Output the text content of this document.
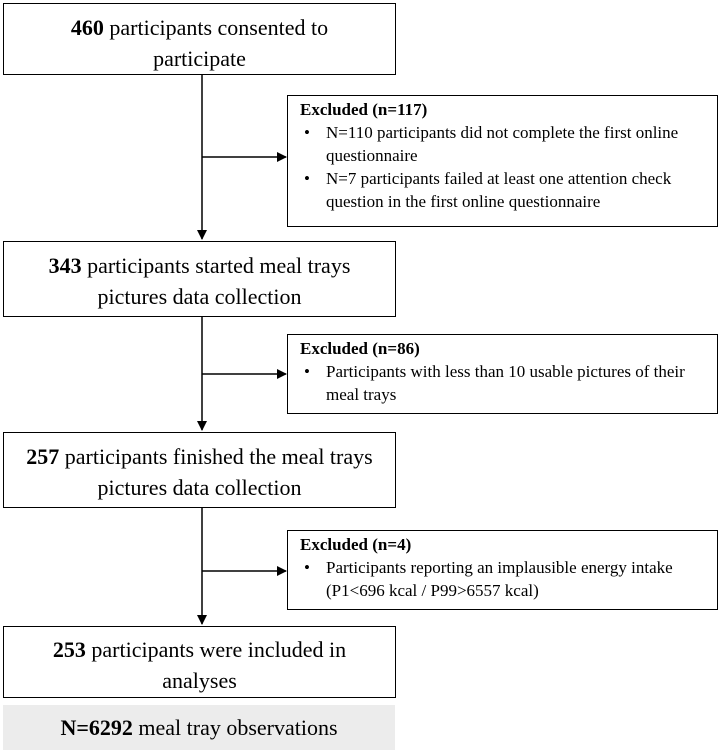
460 participants consented to participate
Excluded (n=117)
• N=110 participants did not complete the first online questionnaire
• N=7 participants failed at least one attention check question in the first online questionnaire
343 participants started meal trays pictures data collection
Excluded (n=86)
• Participants with less than 10 usable pictures of their meal trays
257 participants finished the meal trays pictures data collection
Excluded (n=4)
• Participants reporting an implausible energy intake (P1<696 kcal / P99>6557 kcal)
253 participants were included in analyses
N=6292 meal tray observations
